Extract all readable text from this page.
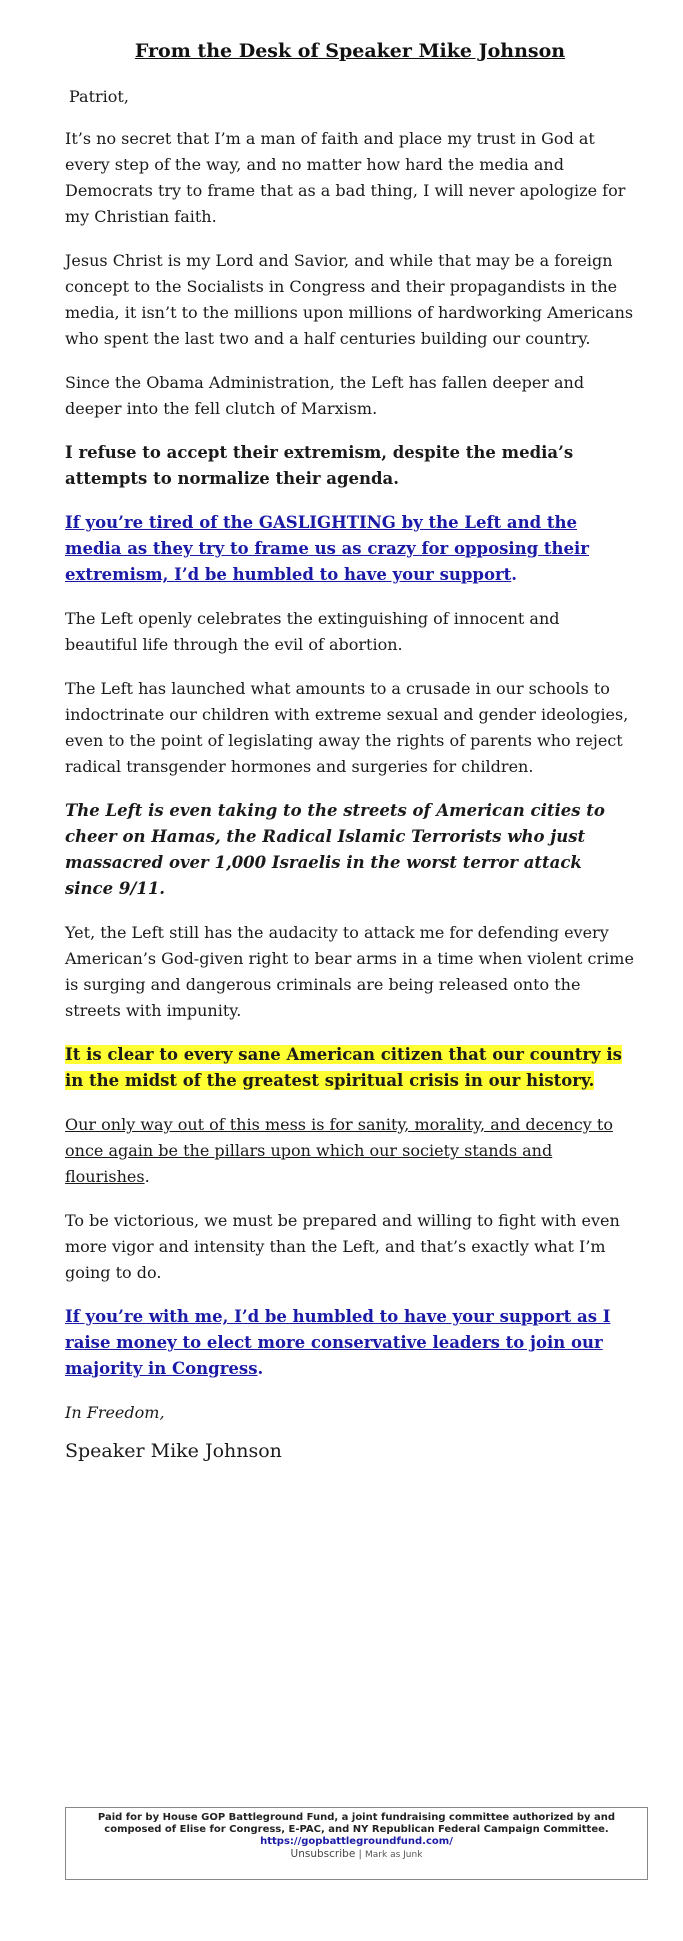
From the Desk of Speaker Mike Johnson

Patriot,

It’s no secret that I’m a man of faith and place my trust in God at every step of the way, and no matter how hard the media and Democrats try to frame that as a bad thing, I will never apologize for my Christian faith.

Jesus Christ is my Lord and Savior, and while that may be a foreign concept to the Socialists in Congress and their propagandists in the media, it isn’t to the millions upon millions of hardworking Americans who spent the last two and a half centuries building our country.

Since the Obama Administration, the Left has fallen deeper and deeper into the fell clutch of Marxism.

I refuse to accept their extremism, despite the media’s attempts to normalize their agenda.

If you’re tired of the GASLIGHTING by the Left and the media as they try to frame us as crazy for opposing their extremism, I’d be humbled to have your support.

The Left openly celebrates the extinguishing of innocent and beautiful life through the evil of abortion.

The Left has launched what amounts to a crusade in our schools to indoctrinate our children with extreme sexual and gender ideologies, even to the point of legislating away the rights of parents who reject radical transgender hormones and surgeries for children.

The Left is even taking to the streets of American cities to cheer on Hamas, the Radical Islamic Terrorists who just massacred over 1,000 Israelis in the worst terror attack since 9/11.

Yet, the Left still has the audacity to attack me for defending every American’s God-given right to bear arms in a time when violent crime is surging and dangerous criminals are being released onto the streets with impunity.

It is clear to every sane American citizen that our country is in the midst of the greatest spiritual crisis in our history.

Our only way out of this mess is for sanity, morality, and decency to once again be the pillars upon which our society stands and flourishes.

To be victorious, we must be prepared and willing to fight with even more vigor and intensity than the Left, and that’s exactly what I’m going to do.

If you’re with me, I’d be humbled to have your support as I raise money to elect more conservative leaders to join our majority in Congress.

In Freedom,

Speaker Mike Johnson
Paid for by House GOP Battleground Fund, a joint fundraising committee authorized by and composed of Elise for Congress, E-PAC, and NY Republican Federal Campaign Committee.
https://gopbattlegroundfund.com/
Unsubscribe | Mark as Junk
